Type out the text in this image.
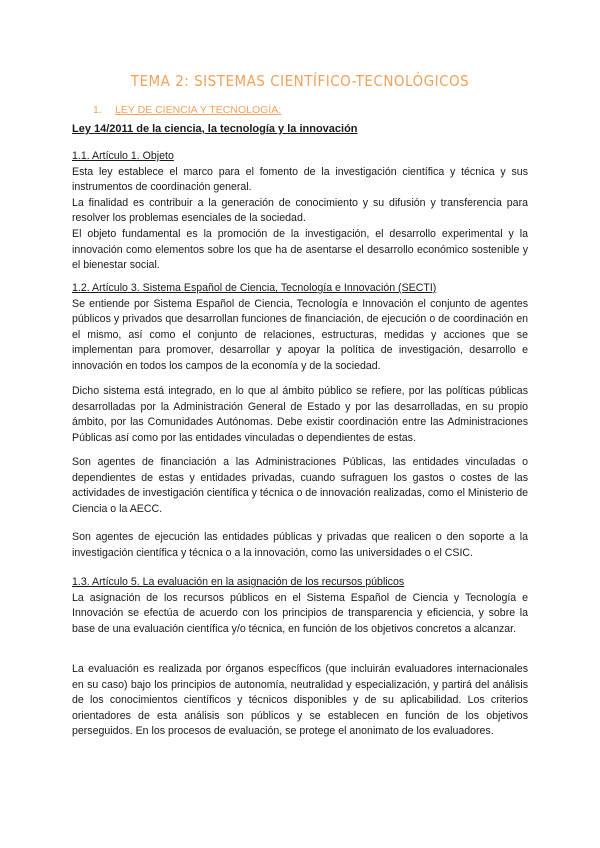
TEMA 2: SISTEMAS CIENTÍFICO-TECNOLÓGICOS
1. LEY DE CIENCIA Y TECNOLOGÍA:
Ley 14/2011 de la ciencia, la tecnología y la innovación
1.1. Artículo 1. Objeto

Esta ley establece el marco para el fomento de la investigación científica y técnica y sus instrumentos de coordinación general.

La finalidad es contribuir a la generación de conocimiento y su difusión y transferencia para resolver los problemas esenciales de la sociedad.

El objeto fundamental es la promoción de la investigación, el desarrollo experimental y la innovación como elementos sobre los que ha de asentarse el desarrollo económico sostenible y el bienestar social.

1.2. Artículo 3. Sistema Español de Ciencia, Tecnología e Innovación (SECTI)

Se entiende por Sistema Español de Ciencia, Tecnología e Innovación el conjunto de agentes públicos y privados que desarrollan funciones de financiación, de ejecución o de coordinación en el mismo, así como el conjunto de relaciones, estructuras, medidas y acciones que se implementan para promover, desarrollar y apoyar la política de investigación, desarrollo e innovación en todos los campos de la economía y de la sociedad.

Dicho sistema está integrado, en lo que al ámbito público se refiere, por las políticas públicas desarrolladas por la Administración General de Estado y por las desarrolladas, en su propio ámbito, por las Comunidades Autónomas. Debe existir coordinación entre las Administraciones Públicas así como por las entidades vinculadas o dependientes de estas.
Son agentes de financiación a las Administraciones Públicas, las entidades vinculadas o dependientes de estas y entidades privadas, cuando sufraguen los gastos o costes de las actividades de investigación científica y técnica o de innovación realizadas, como el Ministerio de Ciencia o la AECC.
Son agentes de ejecución las entidades públicas y privadas que realicen o den soporte a la investigación científica y técnica o a la innovación, como las universidades o el CSIC.
1.3. Artículo 5. La evaluación en la asignación de los recursos públicos

La asignación de los recursos públicos en el Sistema Español de Ciencia y Tecnología e Innovación se efectúa de acuerdo con los principios de transparencia y eficiencia, y sobre la base de una evaluación científica y/o técnica, en función de los objetivos concretos a alcanzar.

La evaluación es realizada por órganos específicos (que incluirán evaluadores internacionales en su caso) bajo los principios de autonomía, neutralidad y especialización, y partirá del análisis de los conocimientos científicos y técnicos disponibles y de su aplicabilidad. Los criterios orientadores de esta análisis son públicos y se establecen en función de los objetivos perseguidos. En los procesos de evaluación, se protege el anonimato de los evaluadores.
